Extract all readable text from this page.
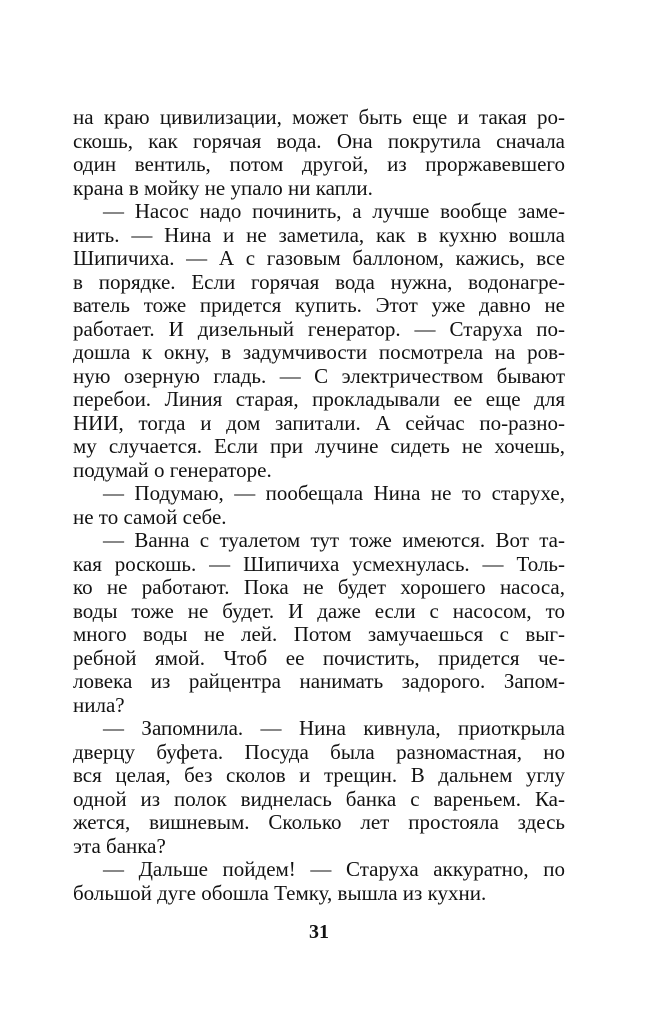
на краю цивилизации, может быть еще и такая ро-
скошь, как горячая вода. Она покрутила сначала
один вентиль, потом другой, из проржавевшего
крана в мойку не упало ни капли.
— Насос надо починить, а лучше вообще заме-
нить. — Нина и не заметила, как в кухню вошла
Шипичиха. — А с газовым баллоном, кажись, все
в порядке. Если горячая вода нужна, водонагре-
ватель тоже придется купить. Этот уже давно не
работает. И дизельный генератор. — Старуха по-
дошла к окну, в задумчивости посмотрела на ров-
ную озерную гладь. — С электричеством бывают
перебои. Линия старая, прокладывали ее еще для
НИИ, тогда и дом запитали. А сейчас по-разно-
му случается. Если при лучине сидеть не хочешь,
подумай о генераторе.
— Подумаю, — пообещала Нина не то старухе,
не то самой себе.
— Ванна с туалетом тут тоже имеются. Вот та-
кая роскошь. — Шипичиха усмехнулась. — Толь-
ко не работают. Пока не будет хорошего насоса,
воды тоже не будет. И даже если с насосом, то
много воды не лей. Потом замучаешься с выг-
ребной ямой. Чтоб ее почистить, придется че-
ловека из райцентра нанимать задорого. Запом-
нила?
— Запомнила. — Нина кивнула, приоткрыла
дверцу буфета. Посуда была разномастная, но
вся целая, без сколов и трещин. В дальнем углу
одной из полок виднелась банка с вареньем. Ка-
жется, вишневым. Сколько лет простояла здесь
эта банка?
— Дальше пойдем! — Старуха аккуратно, по
большой дуге обошла Темку, вышла из кухни.
31
